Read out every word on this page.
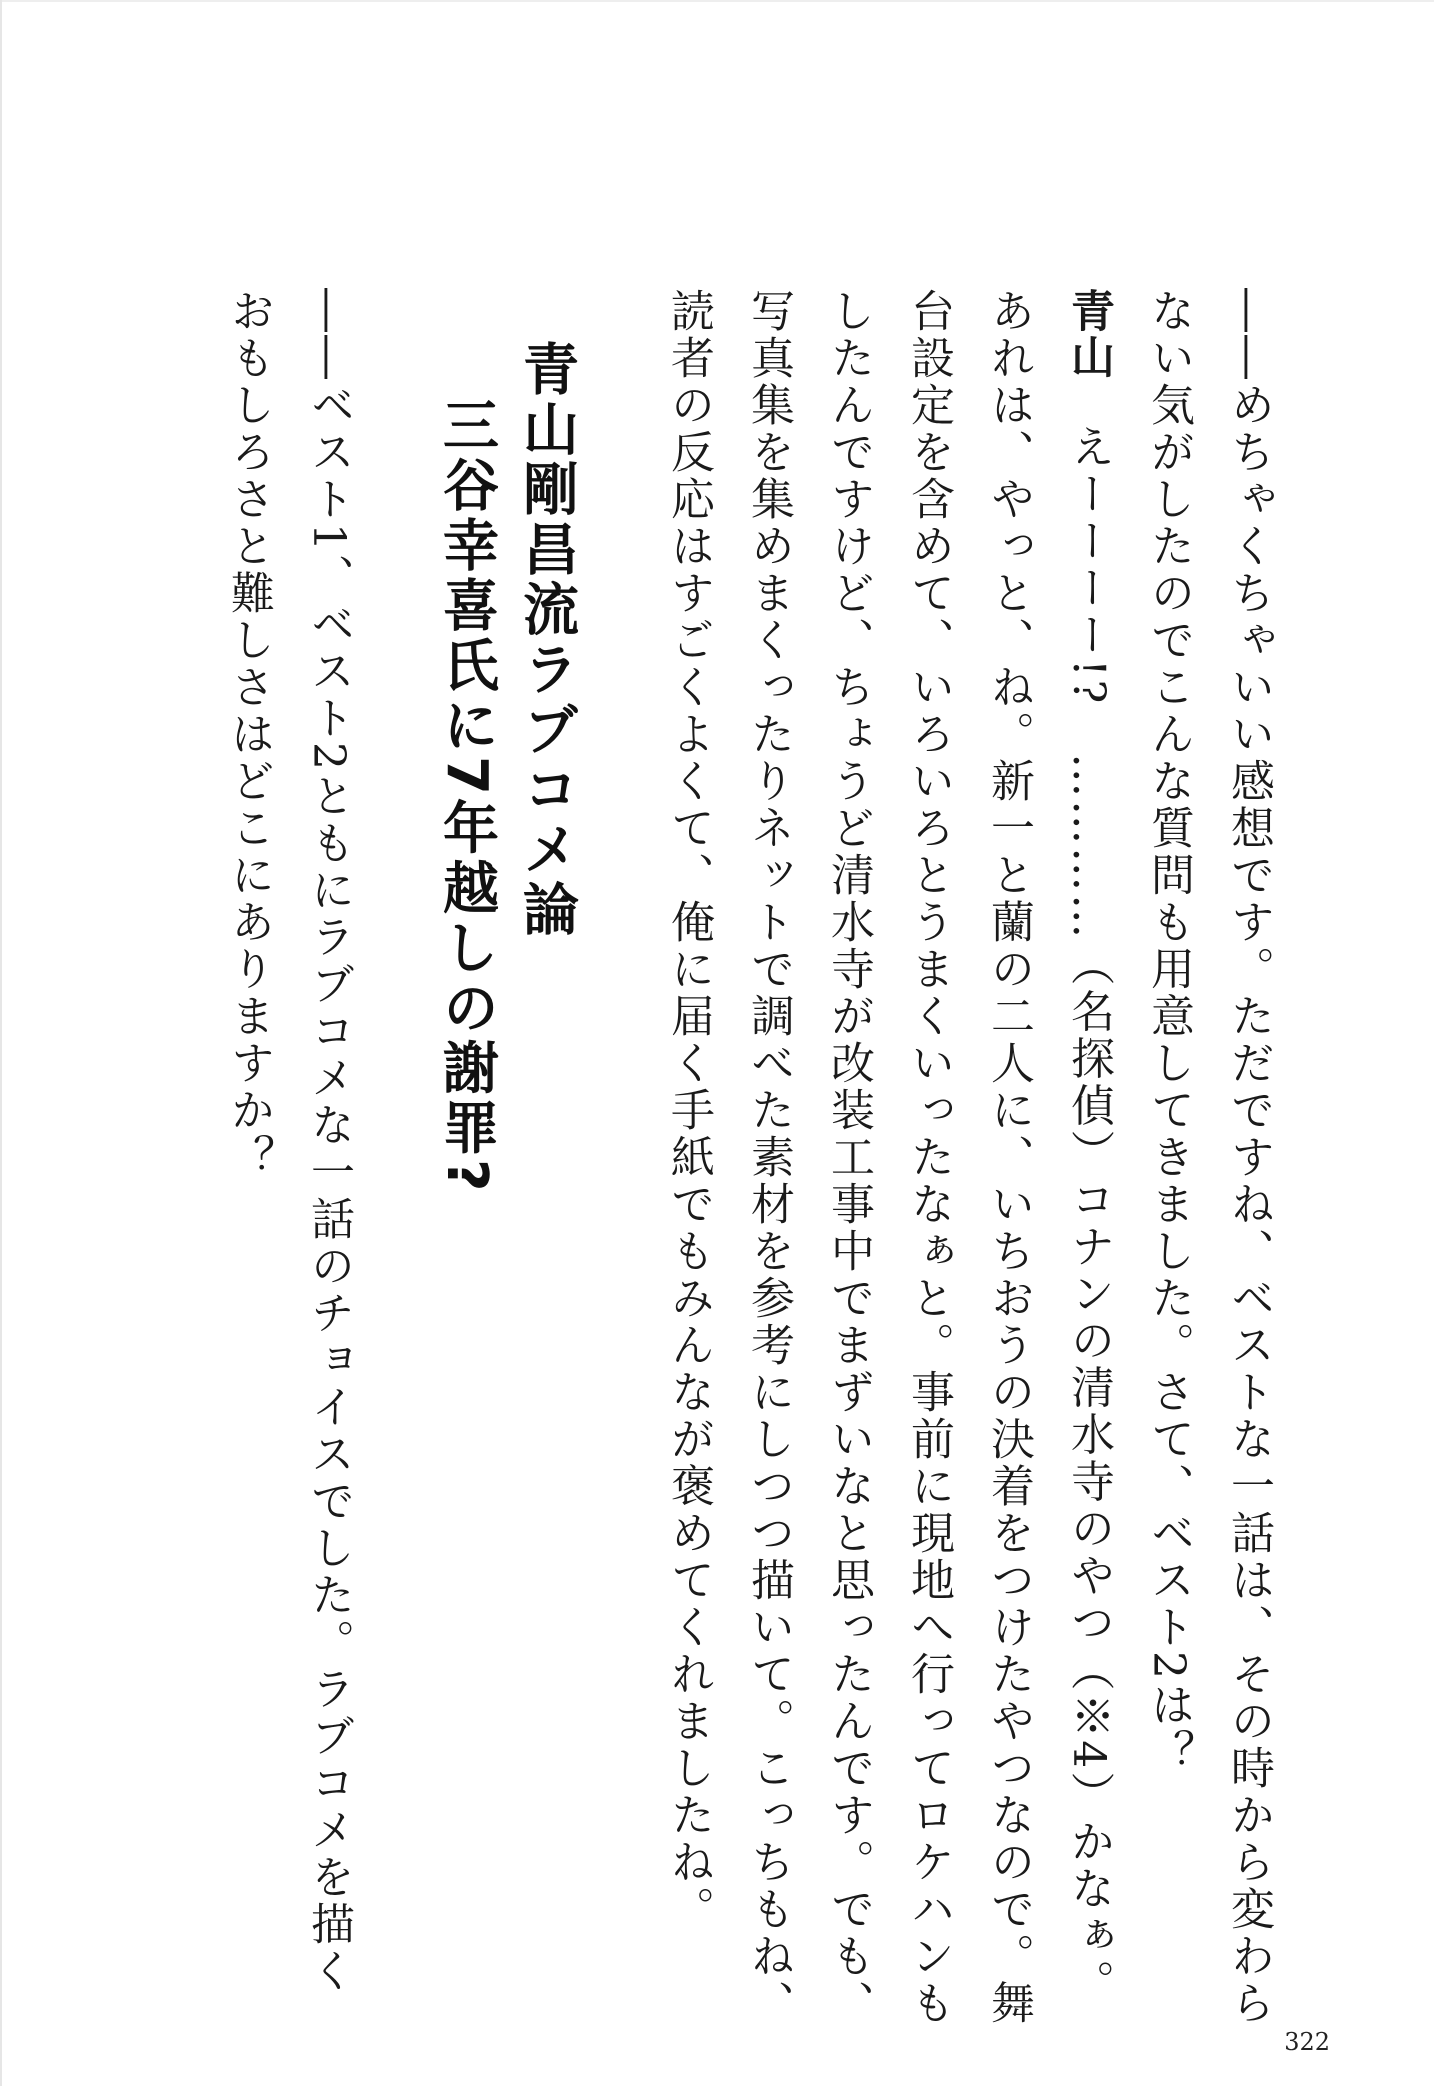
――めちゃくちゃいい感想です。ただですね、ベストな一話は、その時から変わら
ない気がしたのでこんな質問も用意してきました。さて、ベスト2は？
青山えーーーー!?　…………（名探偵）コナンの清水寺のやつ（※4）かなぁ。
あれは、やっと、ね。新一と蘭の二人に、いちおうの決着をつけたやつなので。舞
台設定を含めて、いろいろとうまくいったなぁと。事前に現地へ行ってロケハンも
したんですけど、ちょうど清水寺が改装工事中でまずいなと思ったんです。でも、
写真集を集めまくったりネットで調べた素材を参考にしつつ描いて。こっちもね、
読者の反応はすごくよくて、俺に届く手紙でもみんなが褒めてくれましたね。
青山剛昌流ラブコメ論
三谷幸喜氏に7年越しの謝罪?
――ベスト1、ベスト2ともにラブコメな一話のチョイスでした。ラブコメを描く
おもしろさと難しさはどこにありますか？
322
